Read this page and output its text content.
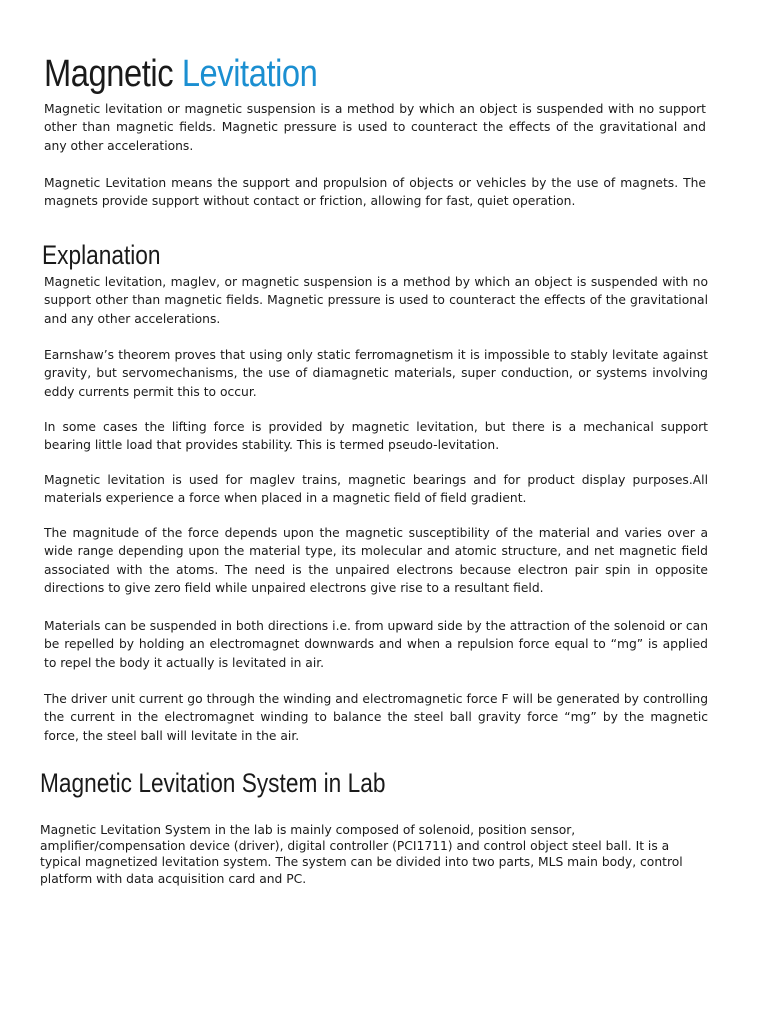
Magnetic Levitation

Magnetic levitation or magnetic suspension is a method by which an object is suspended with no support other than magnetic fields. Magnetic pressure is used to counteract the effects of the gravitational and any other accelerations.

Magnetic Levitation means the support and propulsion of objects or vehicles by the use of magnets. The magnets provide support without contact or friction, allowing for fast, quiet operation.

Explanation

Magnetic levitation, maglev, or magnetic suspension is a method by which an object is suspended with no support other than magnetic fields. Magnetic pressure is used to counteract the effects of the gravitational and any other accelerations.

Earnshaw’s theorem proves that using only static ferromagnetism it is impossible to stably levitate against gravity, but servomechanisms, the use of diamagnetic materials, super conduction, or systems involving eddy currents permit this to occur.

In some cases the lifting force is provided by magnetic levitation, but there is a mechanical support bearing little load that provides stability. This is termed pseudo-levitation.

Magnetic levitation is used for maglev trains, magnetic bearings and for product display purposes.All materials experience a force when placed in a magnetic field of field gradient.

The magnitude of the force depends upon the magnetic susceptibility of the material and varies over a wide range depending upon the material type, its molecular and atomic structure, and net magnetic field associated with the atoms. The need is the unpaired electrons because electron pair spin in opposite directions to give zero field while unpaired electrons give rise to a resultant field.

Materials can be suspended in both directions i.e. from upward side by the attraction of the solenoid or can be repelled by holding an electromagnet downwards and when a repulsion force equal to “mg” is applied to repel the body it actually is levitated in air.

The driver unit current go through the winding and electromagnetic force F will be generated by controlling the current in the electromagnet winding to balance the steel ball gravity force “mg” by the magnetic force, the steel ball will levitate in the air.

Magnetic Levitation System in Lab

Magnetic Levitation System in the lab is mainly composed of solenoid, position sensor, amplifier/compensation device (driver), digital controller (PCI1711) and control object steel ball. It is a typical magnetized levitation system. The system can be divided into two parts, MLS main body, control platform with data acquisition card and PC.
